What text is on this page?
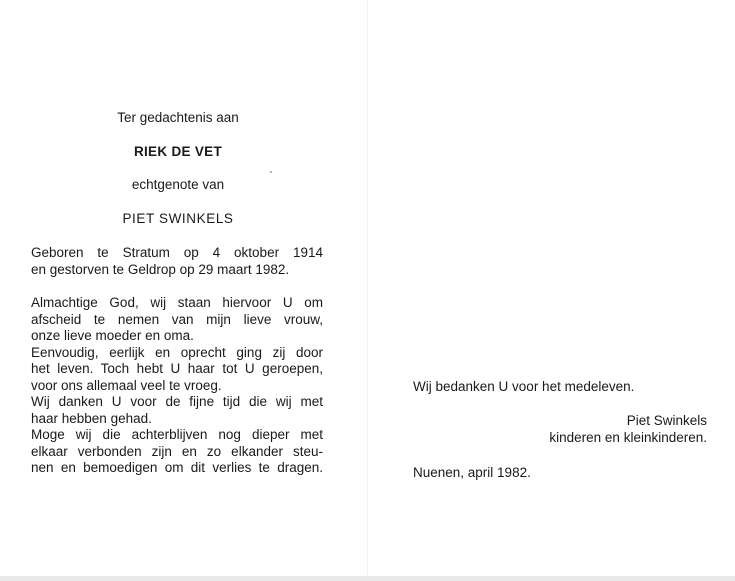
Ter gedachtenis aan
RIEK DE VET
echtgenote van
PIET SWINKELS
Geboren te Stratum op 4 oktober 1914
en gestorven te Geldrop op 29 maart 1982.
Almachtige God, wij staan hiervoor U om
afscheid te nemen van mijn lieve vrouw,
onze lieve moeder en oma.
Eenvoudig, eerlijk en oprecht ging zij door
het leven. Toch hebt U haar tot U geroepen,
voor ons allemaal veel te vroeg.
Wij danken U voor de fijne tijd die wij met
haar hebben gehad.
Moge wij die achterblijven nog dieper met
elkaar verbonden zijn en zo elkander steu-
nen en bemoedigen om dit verlies te dragen.
Wij bedanken U voor het medeleven.
Piet Swinkels
kinderen en kleinkinderen.
Nuenen, april 1982.
